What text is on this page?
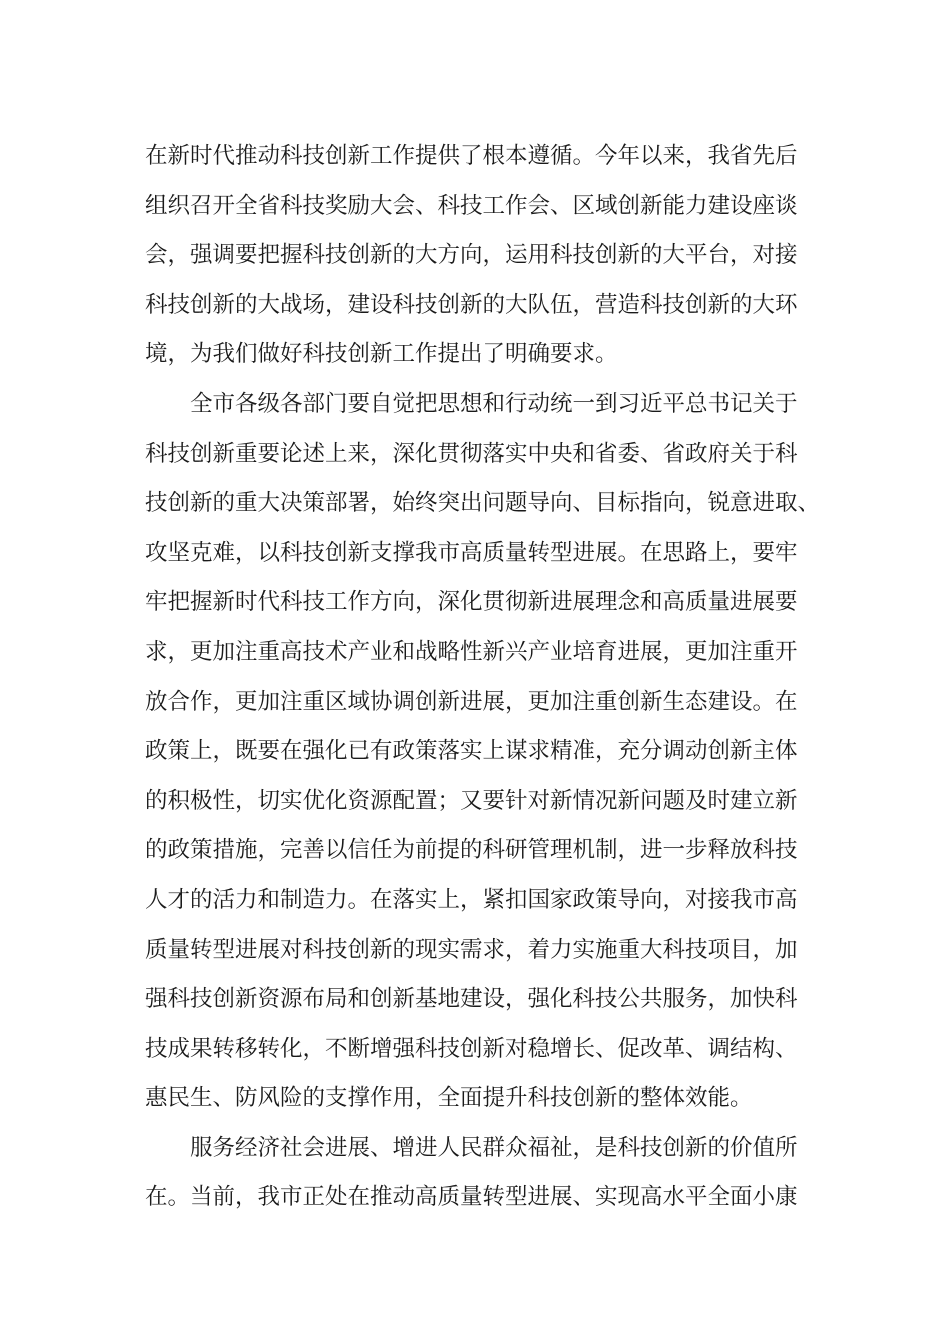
在新时代推动科技创新工作提供了根本遵循。今年以来，我省先后
组织召开全省科技奖励大会、科技工作会、区域创新能力建设座谈
会，强调要把握科技创新的大方向，运用科技创新的大平台，对接
科技创新的大战场，建设科技创新的大队伍，营造科技创新的大环
境，为我们做好科技创新工作提出了明确要求。
全市各级各部门要自觉把思想和行动统一到习近平总书记关于
科技创新重要论述上来，深化贯彻落实中央和省委、省政府关于科
技创新的重大决策部署，始终突出问题导向、目标指向，锐意进取、
攻坚克难，以科技创新支撑我市高质量转型进展。在思路上，要牢
牢把握新时代科技工作方向，深化贯彻新进展理念和高质量进展要
求，更加注重高技术产业和战略性新兴产业培育进展，更加注重开
放合作，更加注重区域协调创新进展，更加注重创新生态建设。在
政策上，既要在强化已有政策落实上谋求精准，充分调动创新主体
的积极性，切实优化资源配置；又要针对新情况新问题及时建立新
的政策措施，完善以信任为前提的科研管理机制，进一步释放科技
人才的活力和制造力。在落实上，紧扣国家政策导向，对接我市高
质量转型进展对科技创新的现实需求，着力实施重大科技项目，加
强科技创新资源布局和创新基地建设，强化科技公共服务，加快科
技成果转移转化，不断增强科技创新对稳增长、促改革、调结构、
惠民生、防风险的支撑作用，全面提升科技创新的整体效能。
服务经济社会进展、增进人民群众福祉，是科技创新的价值所
在。当前，我市正处在推动高质量转型进展、实现高水平全面小康
